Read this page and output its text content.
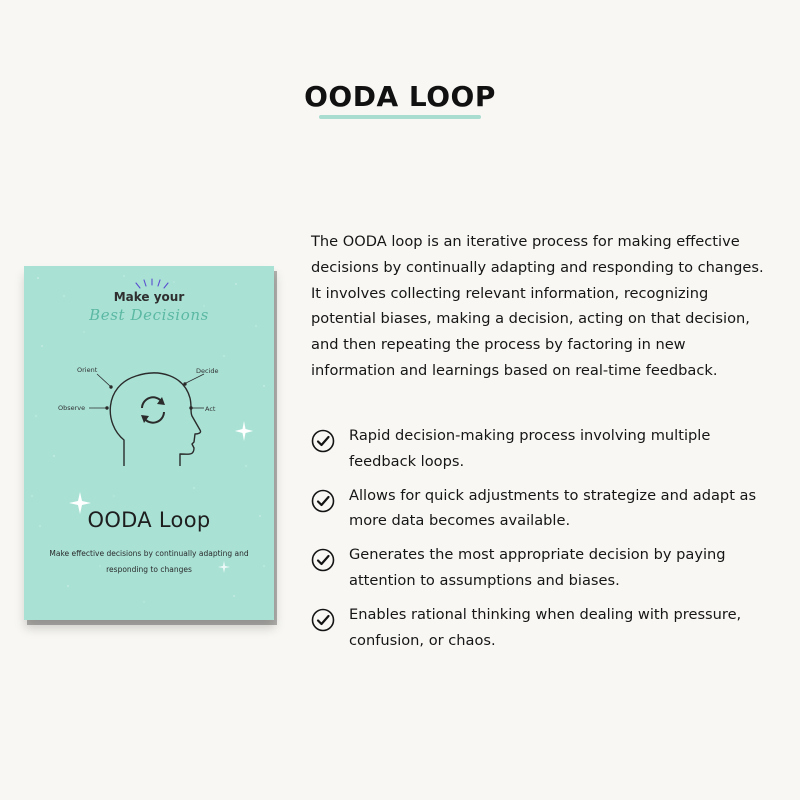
OODA LOOP

Make your

Best Decisions

Orient	Decide

Observe	Act

OODA Loop

Make effective decisions by continually adapting and responding to changes

The OODA loop is an iterative process for making effective decisions by continually adapting and responding to changes. It involves collecting relevant information, recognizing potential biases, making a decision, acting on that decision, and then repeating the process by factoring in new information and learnings based on real-time feedback.

Rapid decision-making process involving multiple feedback loops.

Allows for quick adjustments to strategize and adapt as more data becomes available.

Generates the most appropriate decision by paying attention to assumptions and biases.

Enables rational thinking when dealing with pressure, confusion, or chaos.
